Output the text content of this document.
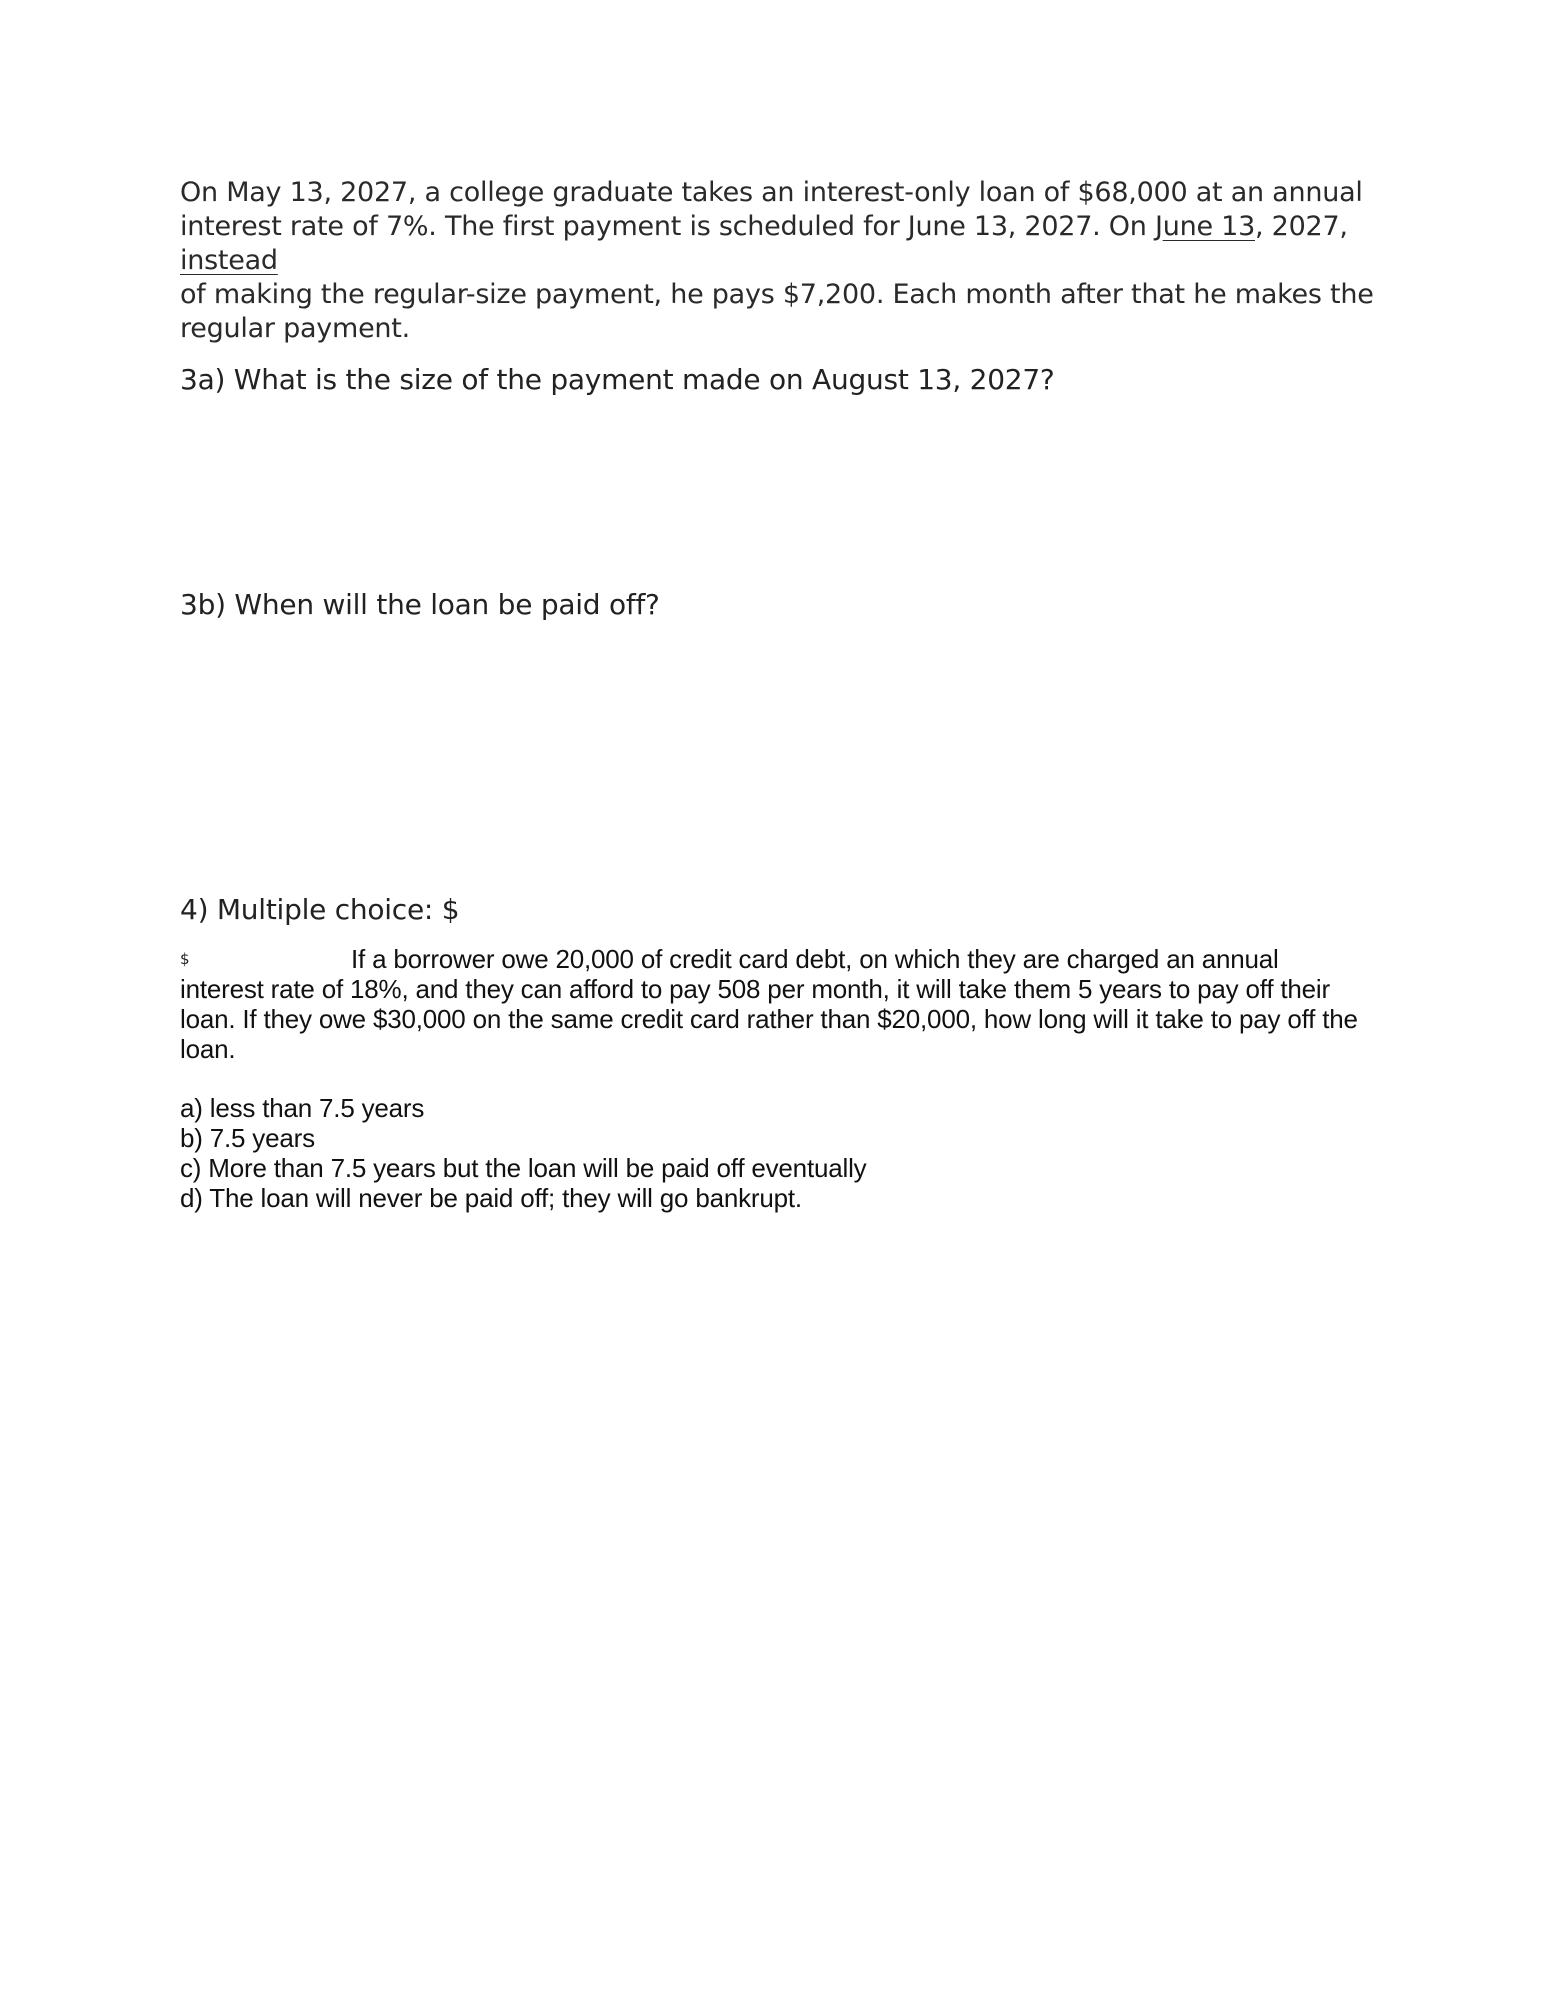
On May 13, 2027, a college graduate takes an interest-only loan of $68,000 at an annual
interest rate of 7%. The first payment is scheduled for June 13, 2027. On June 13, 2027,
instead
of making the regular-size payment, he pays $7,200. Each month after that he makes the
regular payment.

3a) What is the size of the payment made on August 13, 2027?

3b) When will the loan be paid off?

4) Multiple choice: $

$	If a borrower owe 20,000 of credit card debt, on which they are charged an annual
interest rate of 18%, and they can afford to pay 508 per month, it will take them 5 years to pay off their
loan. If they owe $30,000 on the same credit card rather than $20,000, how long will it take to pay off the
loan.
a) less than 7.5 years
b) 7.5 years
c) More than 7.5 years but the loan will be paid off eventually
d) The loan will never be paid off; they will go bankrupt.
